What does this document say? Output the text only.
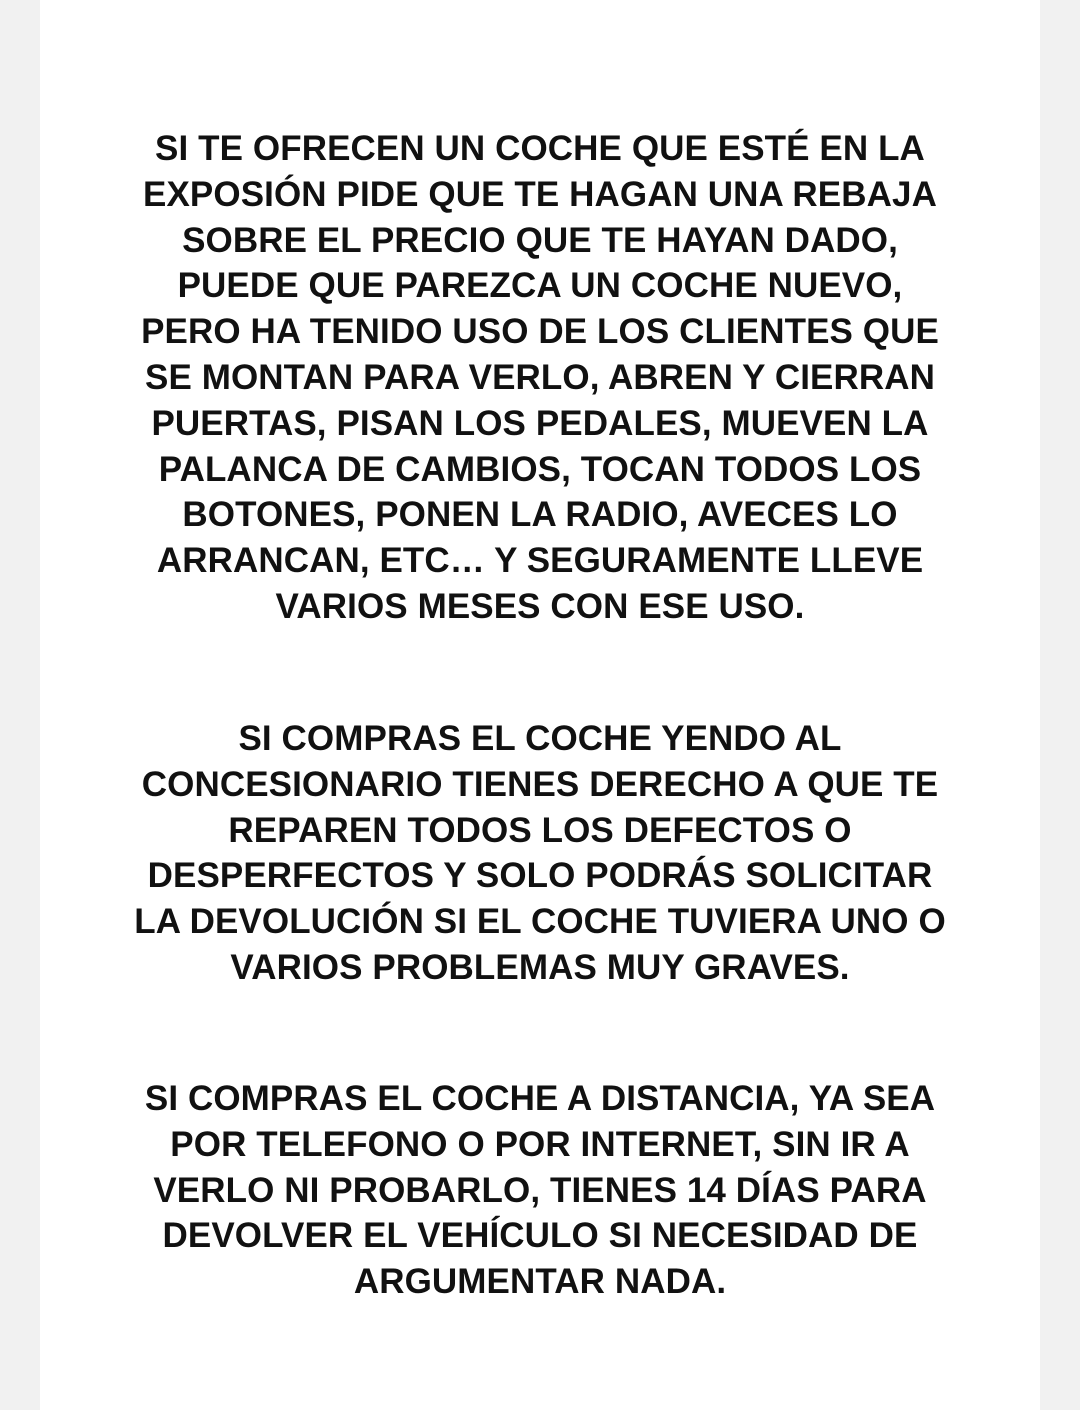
SI TE OFRECEN UN COCHE QUE ESTÉ EN LA
EXPOSIÓN PIDE QUE TE HAGAN UNA REBAJA
SOBRE EL PRECIO QUE TE HAYAN DADO,
PUEDE QUE PAREZCA UN COCHE NUEVO,
PERO HA TENIDO USO DE LOS CLIENTES QUE
SE MONTAN PARA VERLO, ABREN Y CIERRAN
PUERTAS, PISAN LOS PEDALES, MUEVEN LA
PALANCA DE CAMBIOS, TOCAN TODOS LOS
BOTONES, PONEN LA RADIO, AVECES LO
ARRANCAN, ETC… Y SEGURAMENTE LLEVE
VARIOS MESES CON ESE USO.

SI COMPRAS EL COCHE YENDO AL
CONCESIONARIO TIENES DERECHO A QUE TE
REPAREN TODOS LOS DEFECTOS O
DESPERFECTOS Y SOLO PODRÁS SOLICITAR
LA DEVOLUCIÓN SI EL COCHE TUVIERA UNO O
VARIOS PROBLEMAS MUY GRAVES.

SI COMPRAS EL COCHE A DISTANCIA, YA SEA
POR TELEFONO O POR INTERNET, SIN IR A
VERLO NI PROBARLO, TIENES 14 DÍAS PARA
DEVOLVER EL VEHÍCULO SI NECESIDAD DE
ARGUMENTAR NADA.
